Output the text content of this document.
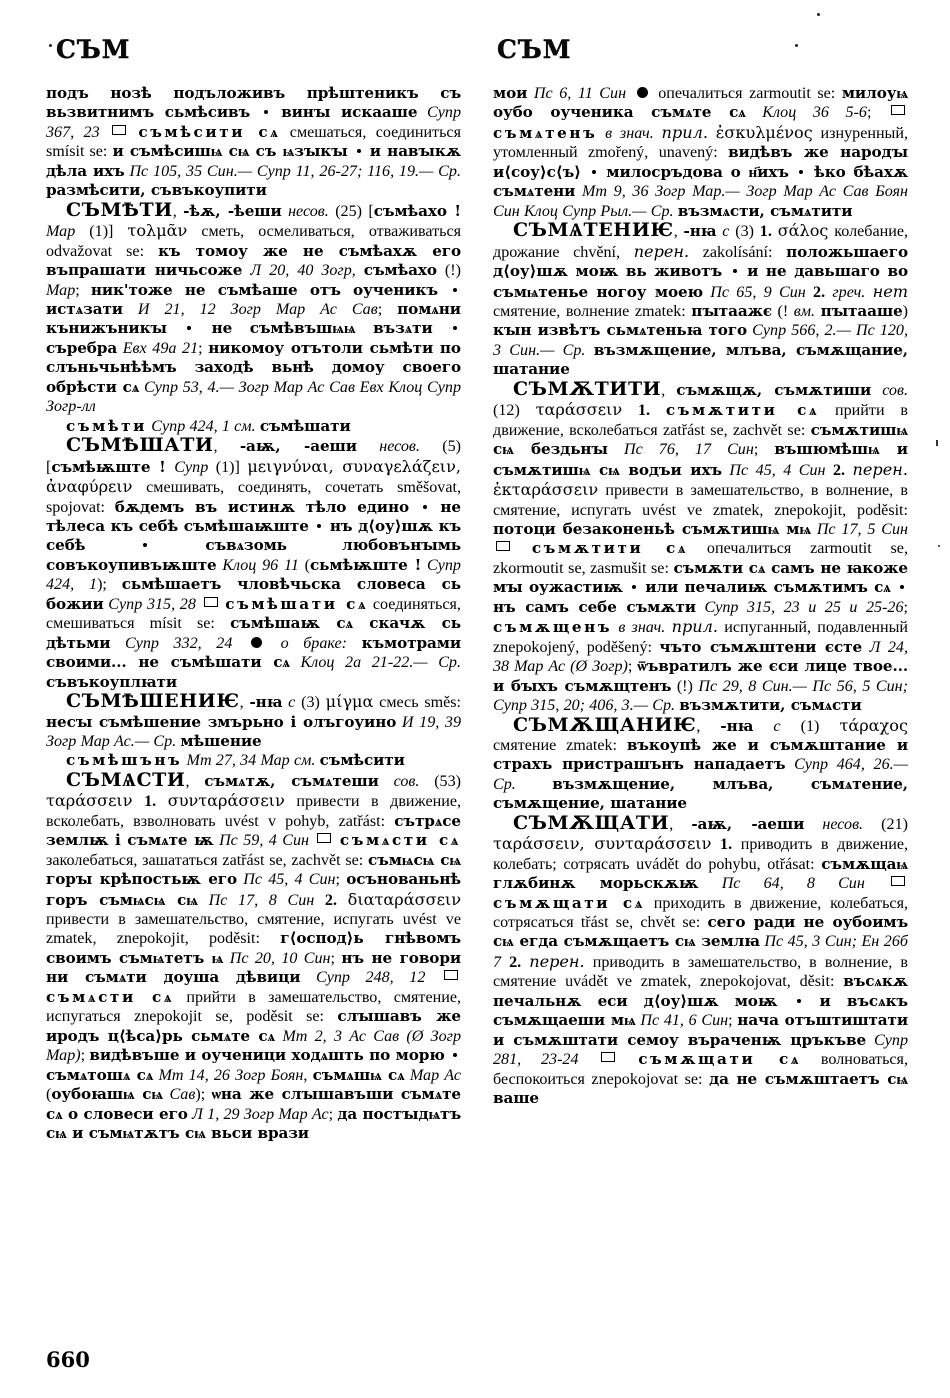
СЪМ

подъ нозѣ подъложивъ прѣштеникъ съ вьзвитнимъ сьмѣсивъ винꙑ искааше Супр 367, 23	съмѣсити сѧ смешаться, соединиться smísit se: и съмѣсишѩ сѩ съ ѩзꙑкꙑ и навꙑкѫ дѣла ихъ Пс 105, 35 Син.— Супр 11, 26-27; 116, 19.— Ср. размѣсити, съвъкоупити

СЪМѢТИ, -ѣѫ, -ѣеши несов. (25) [съмѣахо ! Мар (1)] τολμᾶν сметь, осмеливаться, отваживаться odvažovat se: къ томоу же не съмѣахѫ его въпрашати ничьсоже Л 20, 40 Зогр, съмѣахо (!) Мар; ник'тоже не съмѣаше отъ оученикъ  истѧзати И 21, 12 Зогр Мар Ас Сав; помѧни кънижъникꙑ	не съмѣвъшѩѩ възѧти  съребра Евх 49a 21; никомоу отътоли сьмѣти по слъньчьнѣѣмъ заходѣ вьнѣ домоу своего обрѣсти сѧ Супр 53, 4.— Зогр Мар Ас Сав Евх Клоц Супр Зогр-лл

съмѣти Супр 424, 1 см. съмѣшати

СЪМѢШАТИ, -аѭ, -аеши несов. (5) [съмѣѭште ! Супр (1)] μειγνύναι, συναγελάζειν, ἀναφύρειν смешивать, соединять, сочетать směšovat, spojovat: бѫдемъ въ истинѫ тѣло едино не тѣлеса къ себѣ съмѣшаѭште нъ д⟨оу⟩шѫ къ себѣ	съвѧзомь любовънꙑмь совъкоупивъѭште Клоц 96 11 (сьмѣѭште ! Супр 424, 1); сьмѣшаетъ чловѣчьска словеса сь божии Супр 315, 28 съмѣшати сѧ соединяться, смешиваться mísit se: съмѣшаѭ сѧ скачѫ сь дѣтьми Супр 332, 24	о браке: къмотрами своими... не съмѣшати сѧ Клоц 2a 21-22.— Ср. съвъкоуплꙗти

СЪМѢШЕНИѤ, -нꙗ с (3) μίγμα смесь směs: несꙑ съмѣшение змърьно і олъгоуино И 19, 39 Зогр Мар Ас.— Ср. мѣшение

съмѣшънъ Мт 27, 34 Мар см. съмѣсити

СЪМѦСТИ, съмѧтѫ, съмѧтеши сов. (53) ταράσσειν 1. συνταράσσειν привести в движение, всколебать, взволновать uvést v pohyb, zatřást: сътрѧсе землѭ і съмѧте ѭ Пс 59, 4 Син съмѧсти сѧ заколебаться, зашататься zatřást se, zachvět se: съмѩсѩ сѩ горꙑ крѣпостьѭ его Пс 45, 4 Син; осънованьнѣ горъ съмѩсѩ сѩ Пс 17, 8 Син 2. διαταράσσειν привести в замешательство, смятение, испугать uvést ve zmatek, znepokojit, poděsit: г⟨оспод⟩ь гнѣвомъ своимъ съмѩтетъ ѩ Пс 20, 10 Син; нъ не говори ни съмѧти доуша дѣвици Супр 248, 12  съмѧсти сѧ прийти в замешательство, смятение, испугаться znepokojit se, poděsit se: слꙑшавъ же иродъ ц⟨ѣса⟩рь сьмѧте сѧ Мт 2, 3 Ас Сав (Ø Зогр Мар); видѣвъше и оученици ходѧшть по морю  съмѧтошѧ сѧ Мт 14, 26 Зогр Боян, съмѧшѩ сѧ Мар Ас (оубоꙗшѩ сѩ Сав); ѡна же слꙑшавъши съмѧте сѧ о словеси его Л 1, 29 Зогр Мар Ас; да постꙑдѩтъ сѩ и съмѩтѫтъ сѩ вьси врази

СЪМ

мои Пс 6, 11 Син  опечалиться zarmoutit se: милоуѩ оубо оученика съмѧте сѧ Клоц 36 5-6;  съмѧтенъ в знач. прил. ἐσκυλμένος изнуренный, утомленный zmořený, unavený: видѣвъ же народꙑ и⟨соу⟩с⟨ъ⟩ милосръдова о н҃ихъ ѣко бѣахѫ съмѧтени Мт 9, 36 Зогр Мар.— Зогр Мар Ас Сав Боян Син Клоц Супр Рыл.— Ср. възмѧсти, съмѧтити

СЪМѦТЕНИѤ, -нꙗ с (3) 1. σάλος колебание, дрожание chvění, перен. zakolísání: положьшаего д⟨оу⟩шѫ моѭ вь животъ и не давьшаго во съмѩтенье ногоу моею Пс 65, 9 Син 2. греч. нет смятение, волнение zmatek: пꙑтаажє (! вм. пꙑтааше) кꙑн извѣтъ сьмѧтеньꙗ того Супр 566, 2.— Пс 120, 3 Син.— Ср. възмѫщение, млъва, съмѫщание, шатание

СЪМѪТИТИ, съмѫщѫ, съмѫтиши сов. (12) ταράσσειν 1. съмѫтити сѧ прийти в движение, всколебаться zatřást se, zachvět se: съмѫтишѩ сѩ бездьнꙑ Пс 76, 17 Син; въшюмѣшѩ и съмѫтишѩ сѩ водъи ихъ Пс 45, 4 Син 2. перен. ἐκταράσσειν привести в замешательство, в волнение, в смятение, испугать uvést ve zmatek, znepokojit, poděsit: потоци безаконеньѣ съмѫтишѩ мѩ Пс 17, 5 Син  съмѫтити сѧ опечалиться zarmoutit se, zkormoutit se, zasmušit se: съмѫти сѧ самъ не ꙗкоже мꙑ оужастиѭ или печалиѭ съмѫтимъ сѧ  нъ самъ себе съмѫти Супр 315, 23 и 25 и 25-26; съмѫщенъ в знач. прил. испуганный, подавленный znepokojený, poděšený: чъто съмѫштени єсте Л 24, 38 Мар Ас (Ø Зогр); ѿъвратилъ же єси лице твое... и бꙑхъ съмѫщтенъ (!) Пс 29, 8 Син.— Пс 56, 5 Син; Супр 315, 20; 406, 3.— Ср. възмѫтити, съмѧсти

СЪМѪЩАНИѤ, -нꙗ с (1) τάραχος смятение zmatek: въкоупѣ же и съмѫштание и страхъ пристрашънъ нападаетъ Супр 464, 26.— Ср. възмѫщение, млъва, съмѧтение, съмѫщение, шатание

СЪМѪЩАТИ, -аѭ, -аеши несов. (21) ταράσσειν, συνταράσσειν 1. приводить в движение, колебать; сотрясать uvádět do pohybu, otřásat: съмѫщаѩ глѫбинѫ морьскѫѭ Пс 64, 8 Син  съмѫщати сѧ приходить в движение, колебаться, сотрясаться třást se, chvět se: сего ради не оубоимъ сѩ егда съмѫщаетъ сѩ землꙗ Пс 45, 3 Син; Ен 26б 7 2. перен. приводить в замешательство, в волнение, в смятение uvádět ve zmatek, znepokojovat, děsit: въсѧкѫ печальнѫ еси д⟨оу⟩шѫ моѭ	и въсѧкъ съмѫщаеши мѩ Пс 41, 6 Син; нача отъштиштати и съмѫштати семоу въраченѭ цръкъве Супр 281, 23-24	съмѫщати сѧ волноваться, беспокоиться znepokojovat se: да не съмѫштаетъ сѩ ваше

660
